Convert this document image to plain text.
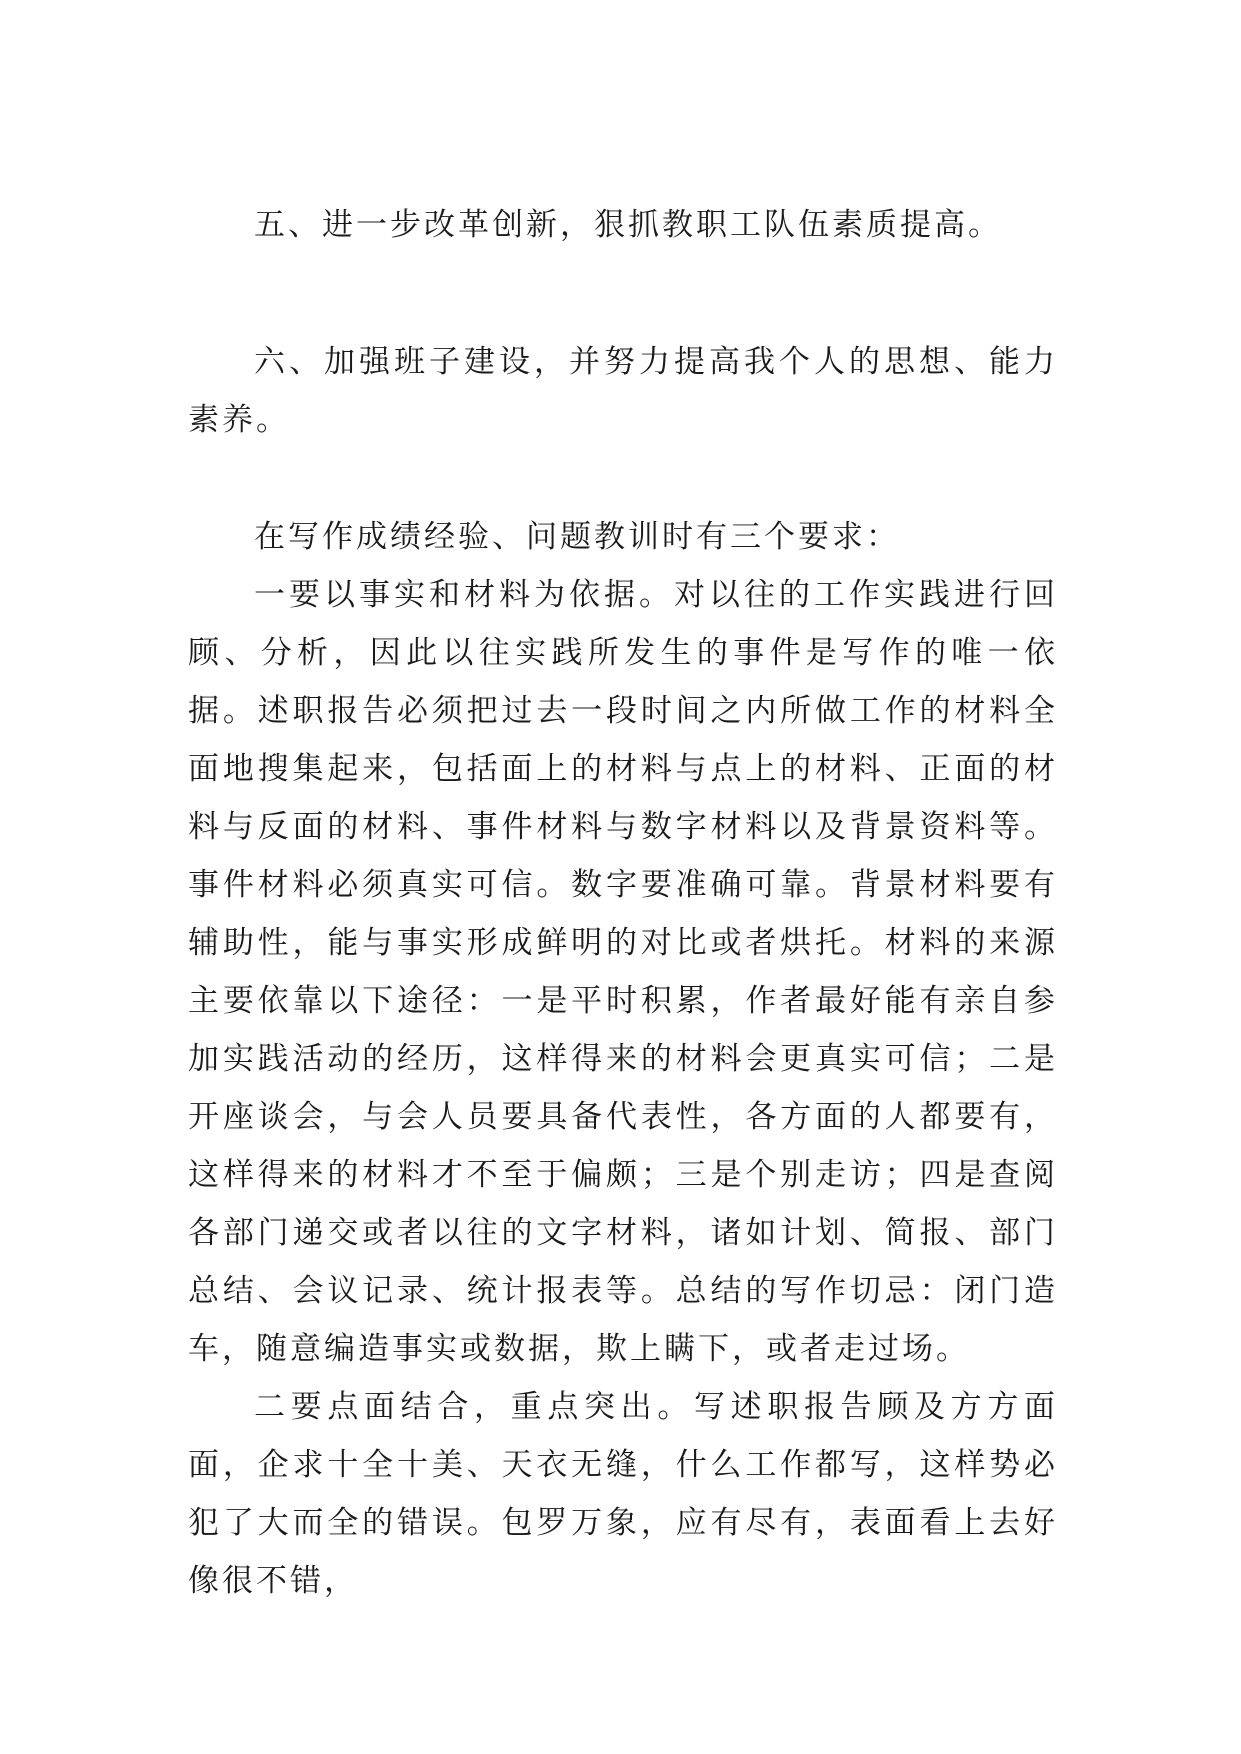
五、进一步改革创新，狠抓教职工队伍素质提高。

六、加强班子建设，并努力提高我个人的思想、能力素养。

在写作成绩经验、问题教训时有三个要求：

一要以事实和材料为依据。对以往的工作实践进行回顾、分析，因此以往实践所发生的事件是写作的唯一依据。述职报告必须把过去一段时间之内所做工作的材料全面地搜集起来，包括面上的材料与点上的材料、正面的材料与反面的材料、事件材料与数字材料以及背景资料等。事件材料必须真实可信。数字要准确可靠。背景材料要有辅助性，能与事实形成鲜明的对比或者烘托。材料的来源主要依靠以下途径：一是平时积累，作者最好能有亲自参加实践活动的经历，这样得来的材料会更真实可信；二是开座谈会，与会人员要具备代表性，各方面的人都要有，这样得来的材料才不至于偏颇；三是个别走访；四是查阅各部门递交或者以往的文字材料，诸如计划、简报、部门总结、会议记录、统计报表等。总结的写作切忌：闭门造车，随意编造事实或数据，欺上瞒下，或者走过场。

二要点面结合，重点突出。写述职报告顾及方方面面，企求十全十美、天衣无缝，什么工作都写，这样势必犯了大而全的错误。包罗万象，应有尽有，表面看上去好像很不错，
